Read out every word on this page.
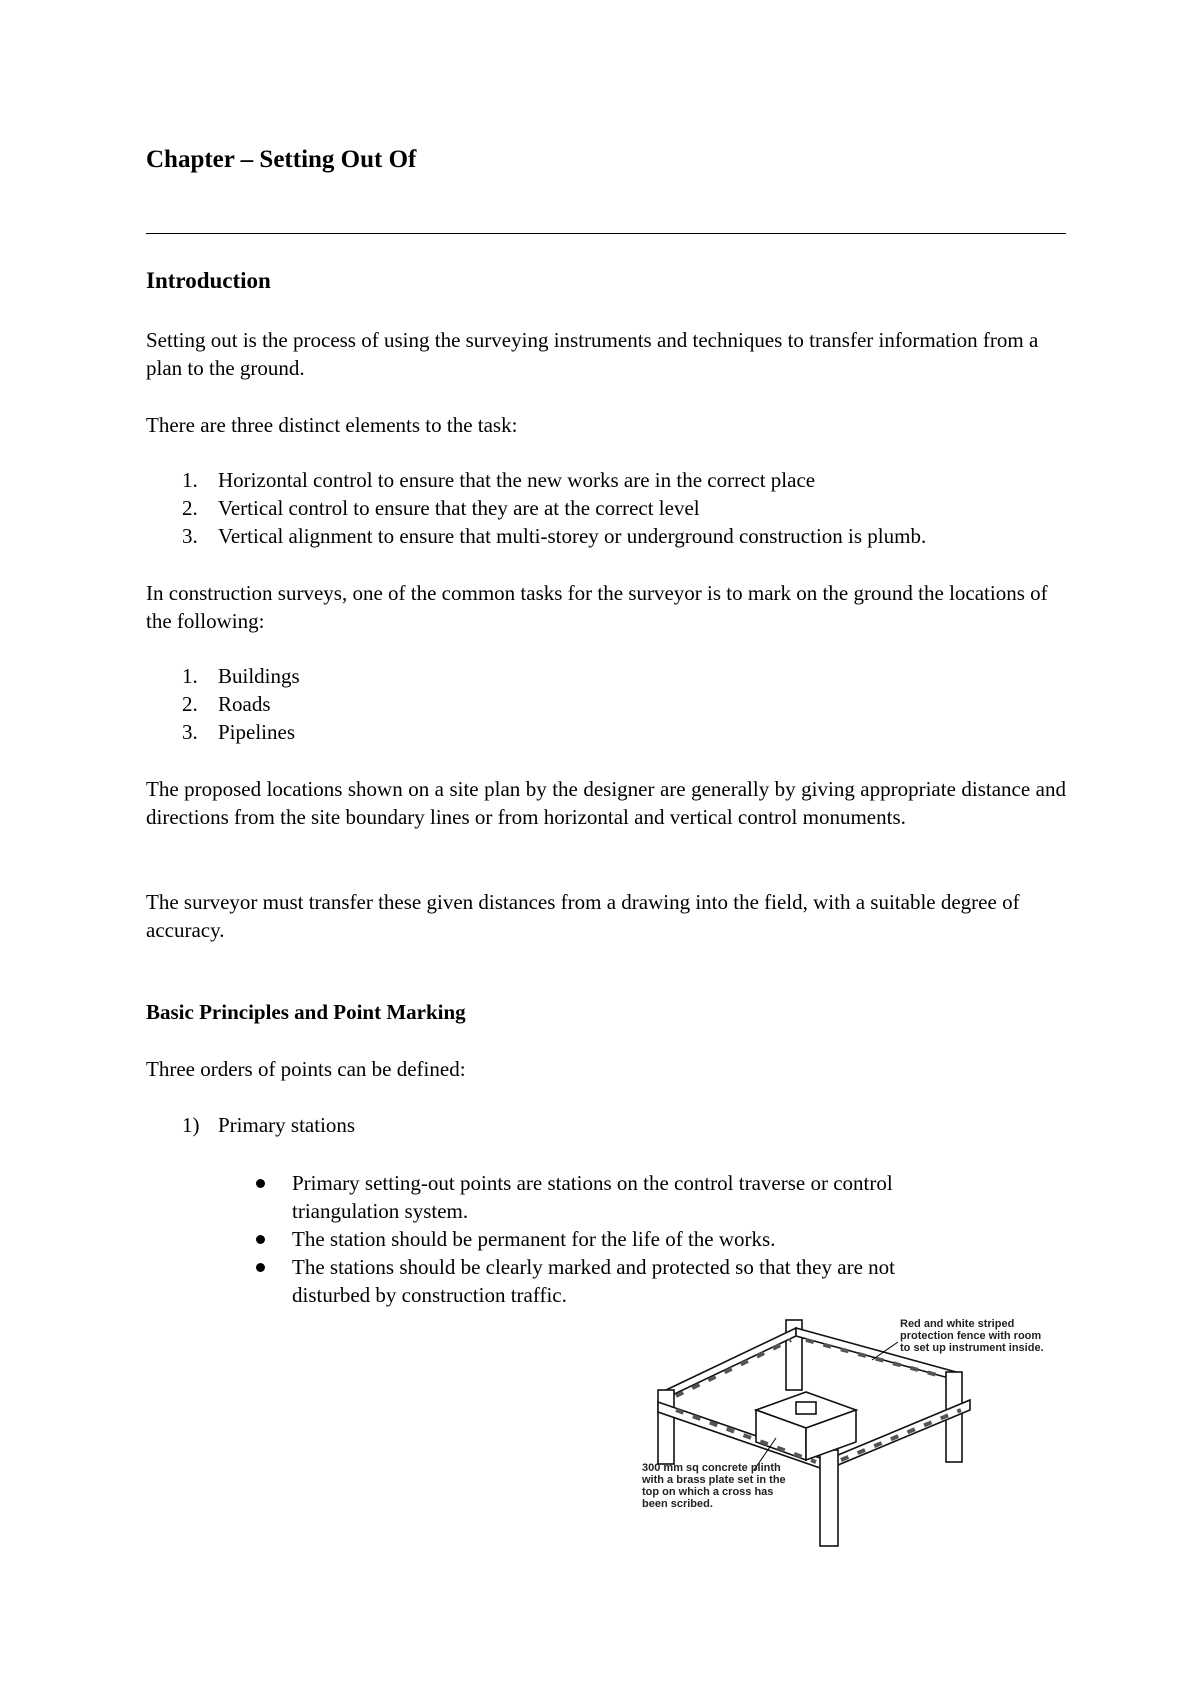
Chapter – Setting Out Of
Introduction

Setting out is the process of using the surveying instruments and techniques to transfer information from a plan to the ground.

There are three distinct elements to the task:

1. Horizontal control to ensure that the new works are in the correct place
2. Vertical control to ensure that they are at the correct level
3. Vertical alignment to ensure that multi-storey or underground construction is plumb.

In construction surveys, one of the common tasks for the surveyor is to mark on the ground the locations of the following:

1. Buildings
2. Roads
3. Pipelines

The proposed locations shown on a site plan by the designer are generally by giving appropriate distance and directions from the site boundary lines or from horizontal and vertical control monuments.

The surveyor must transfer these given distances from a drawing into the field, with a suitable degree of accuracy.

Basic Principles and Point Marking

Three orders of points can be defined:

1) Primary stations
Primary setting-out points are stations on the control traverse or control triangulation system.
The station should be permanent for the life of the works.
The stations should be clearly marked and protected so that they are not disturbed by construction traffic.
Red and white striped protection fence with room to set up instrument inside.
300 mm sq concrete plinth with a brass plate set in the top on which a cross has been scribed.
